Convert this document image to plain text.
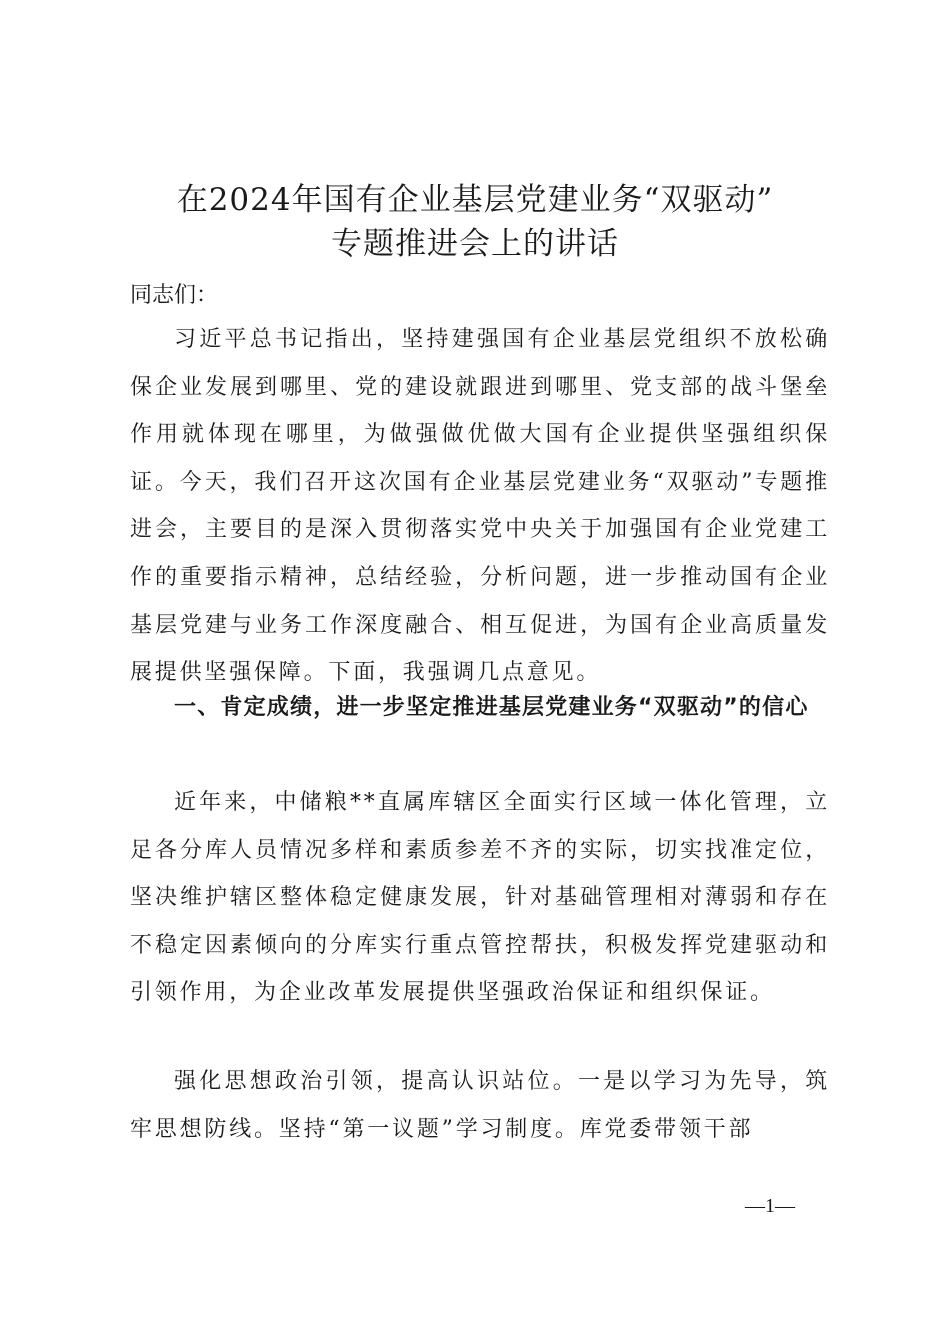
在2024年国有企业基层党建业务“双驱动”
专题推进会上的讲话

同志们：

习近平总书记指出，坚持建强国有企业基层党组织不放松确保企业发展到哪里、党的建设就跟进到哪里、党支部的战斗堡垒作用就体现在哪里，为做强做优做大国有企业提供坚强组织保证。今天，我们召开这次国有企业基层党建业务“双驱动”专题推进会，主要目的是深入贯彻落实党中央关于加强国有企业党建工作的重要指示精神，总结经验，分析问题，进一步推动国有企业基层党建与业务工作深度融合、相互促进，为国有企业高质量发展提供坚强保障。下面，我强调几点意见。

一、肯定成绩，进一步坚定推进基层党建业务“双驱动”的信心

近年来，中储粮**直属库辖区全面实行区域一体化管理，立足各分库人员情况多样和素质参差不齐的实际，切实找准定位，坚决维护辖区整体稳定健康发展，针对基础管理相对薄弱和存在不稳定因素倾向的分库实行重点管控帮扶，积极发挥党建驱动和引领作用，为企业改革发展提供坚强政治保证和组织保证。

强化思想政治引领，提高认识站位。一是以学习为先导，筑牢思想防线。坚持“第一议题”学习制度。库党委带领干部

—1—
